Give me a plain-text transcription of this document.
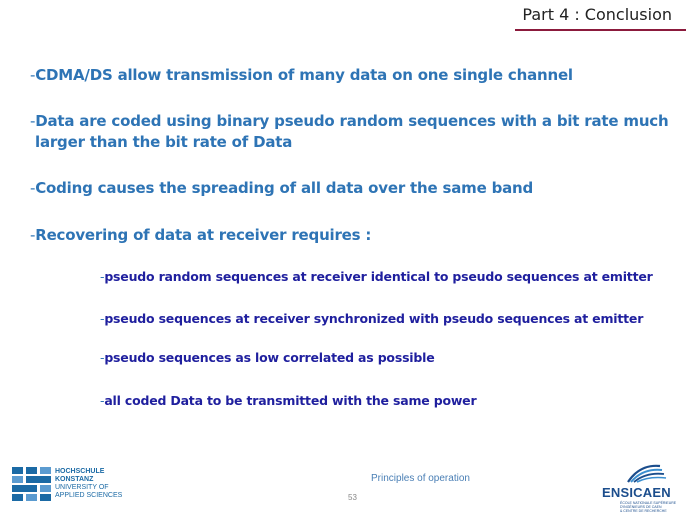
Part 4 : Conclusion
-CDMA/DS allow transmission of many data on one single channel
-Data are coded using binary pseudo random sequences with a bit rate much
larger than the bit rate of Data
-Coding causes the spreading of all data over the same band
-Recovering of data at receiver requires :
-pseudo random sequences at receiver identical to pseudo sequences at emitter
-pseudo sequences at receiver synchronized with pseudo sequences at emitter
-pseudo sequences as low correlated as possible
-all coded Data to be transmitted with the same power
Principles of operation
53
HOCHSCHULE
KONSTANZ
UNIVERSITY OF
APPLIED SCIENCES	ENSICAEN
ÉCOLE NATIONALE SUPÉRIEURE D'INGÉNIEURS DE CAEN
& CENTRE DE RECHERCHE
